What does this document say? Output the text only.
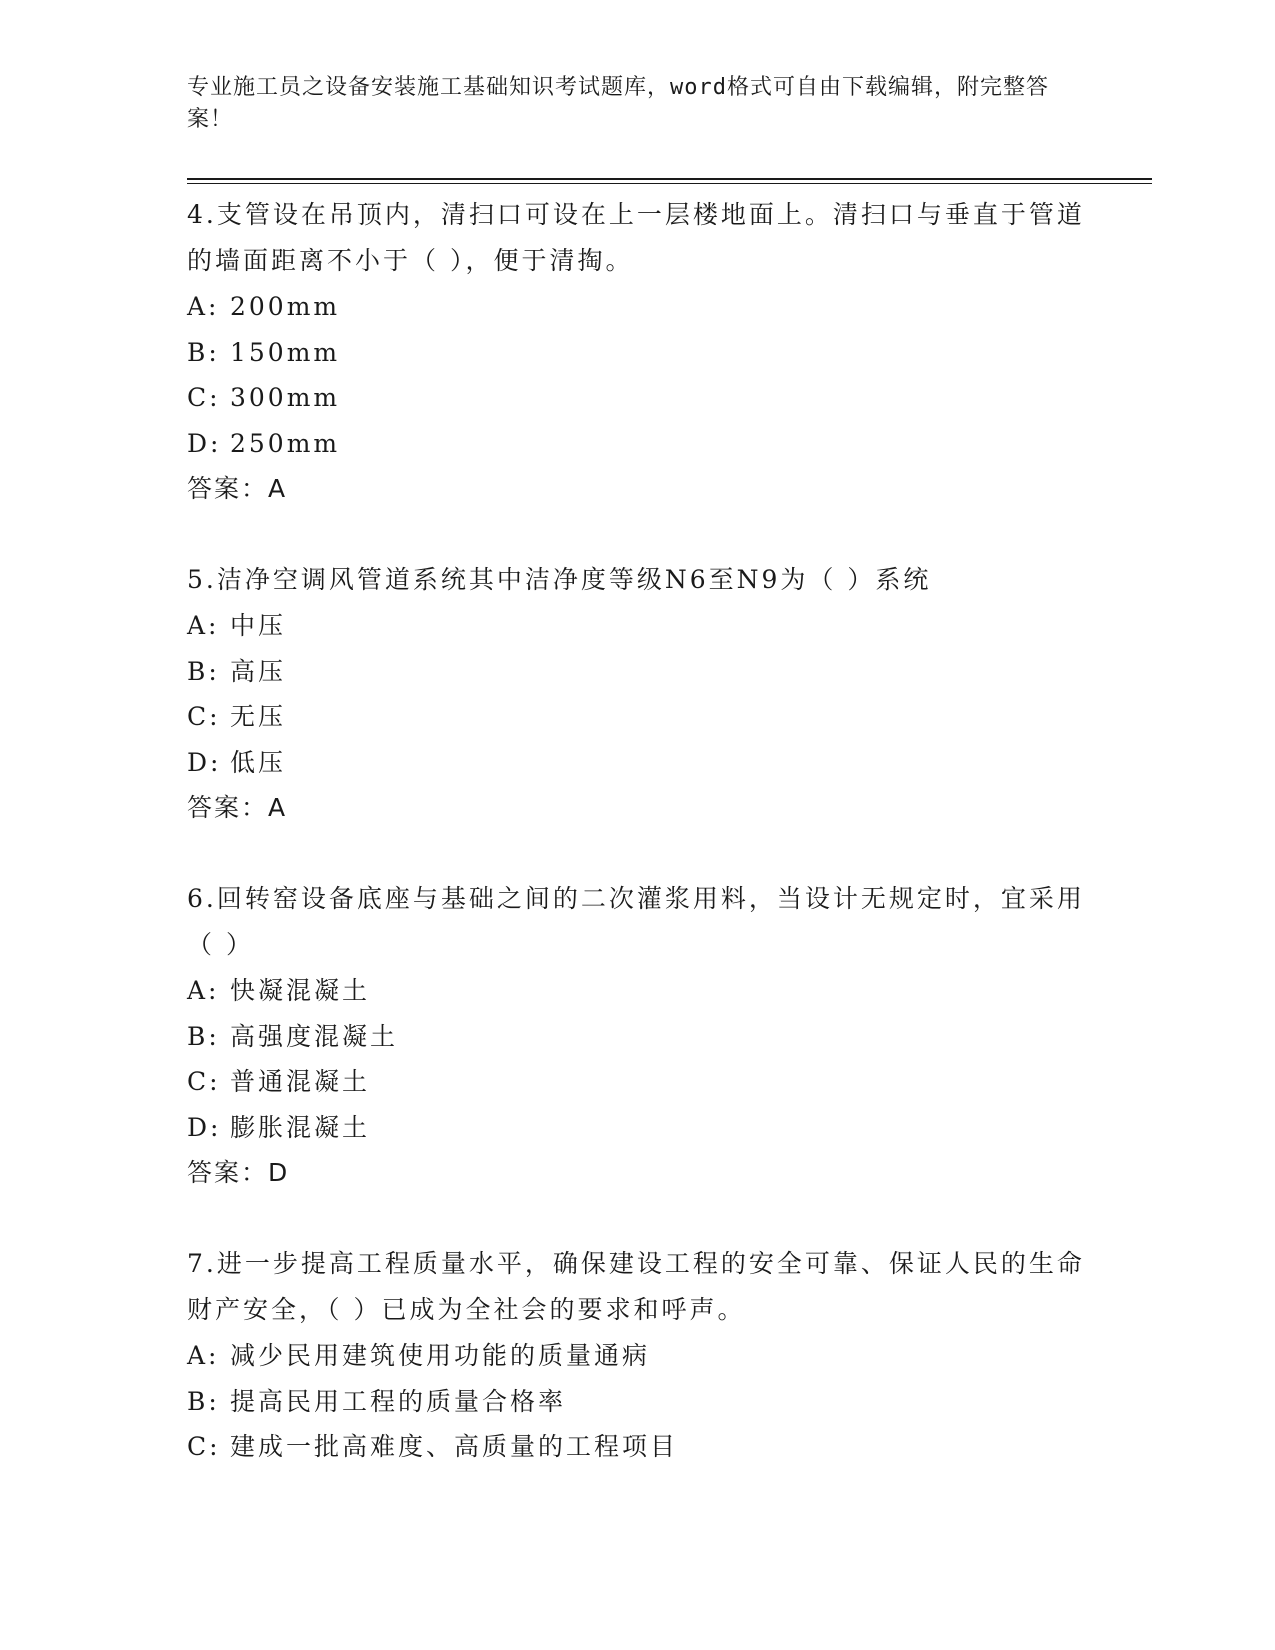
专业施工员之设备安装施工基础知识考试题库，word格式可自由下载编辑，附完整答案！

4.支管设在吊顶内，清扫口可设在上一层楼地面上。清扫口与垂直于管道的墙面距离不小于（ ），便于清掏。

A: 200mm
B: 150mm
C: 300mm
D: 250mm
答案：A

5.洁净空调风管道系统其中洁净度等级N6至N9为（ ）系统

A: 中压
B: 高压
C: 无压
D: 低压
答案：A

6.回转窑设备底座与基础之间的二次灌浆用料，当设计无规定时，宜采用（ ）

A: 快凝混凝土
B: 高强度混凝土
C: 普通混凝土
D: 膨胀混凝土
答案：D

7.进一步提高工程质量水平，确保建设工程的安全可靠、保证人民的生命财产安全，（ ）已成为全社会的要求和呼声。

A: 减少民用建筑使用功能的质量通病
B: 提高民用工程的质量合格率
C: 建成一批高难度、高质量的工程项目
